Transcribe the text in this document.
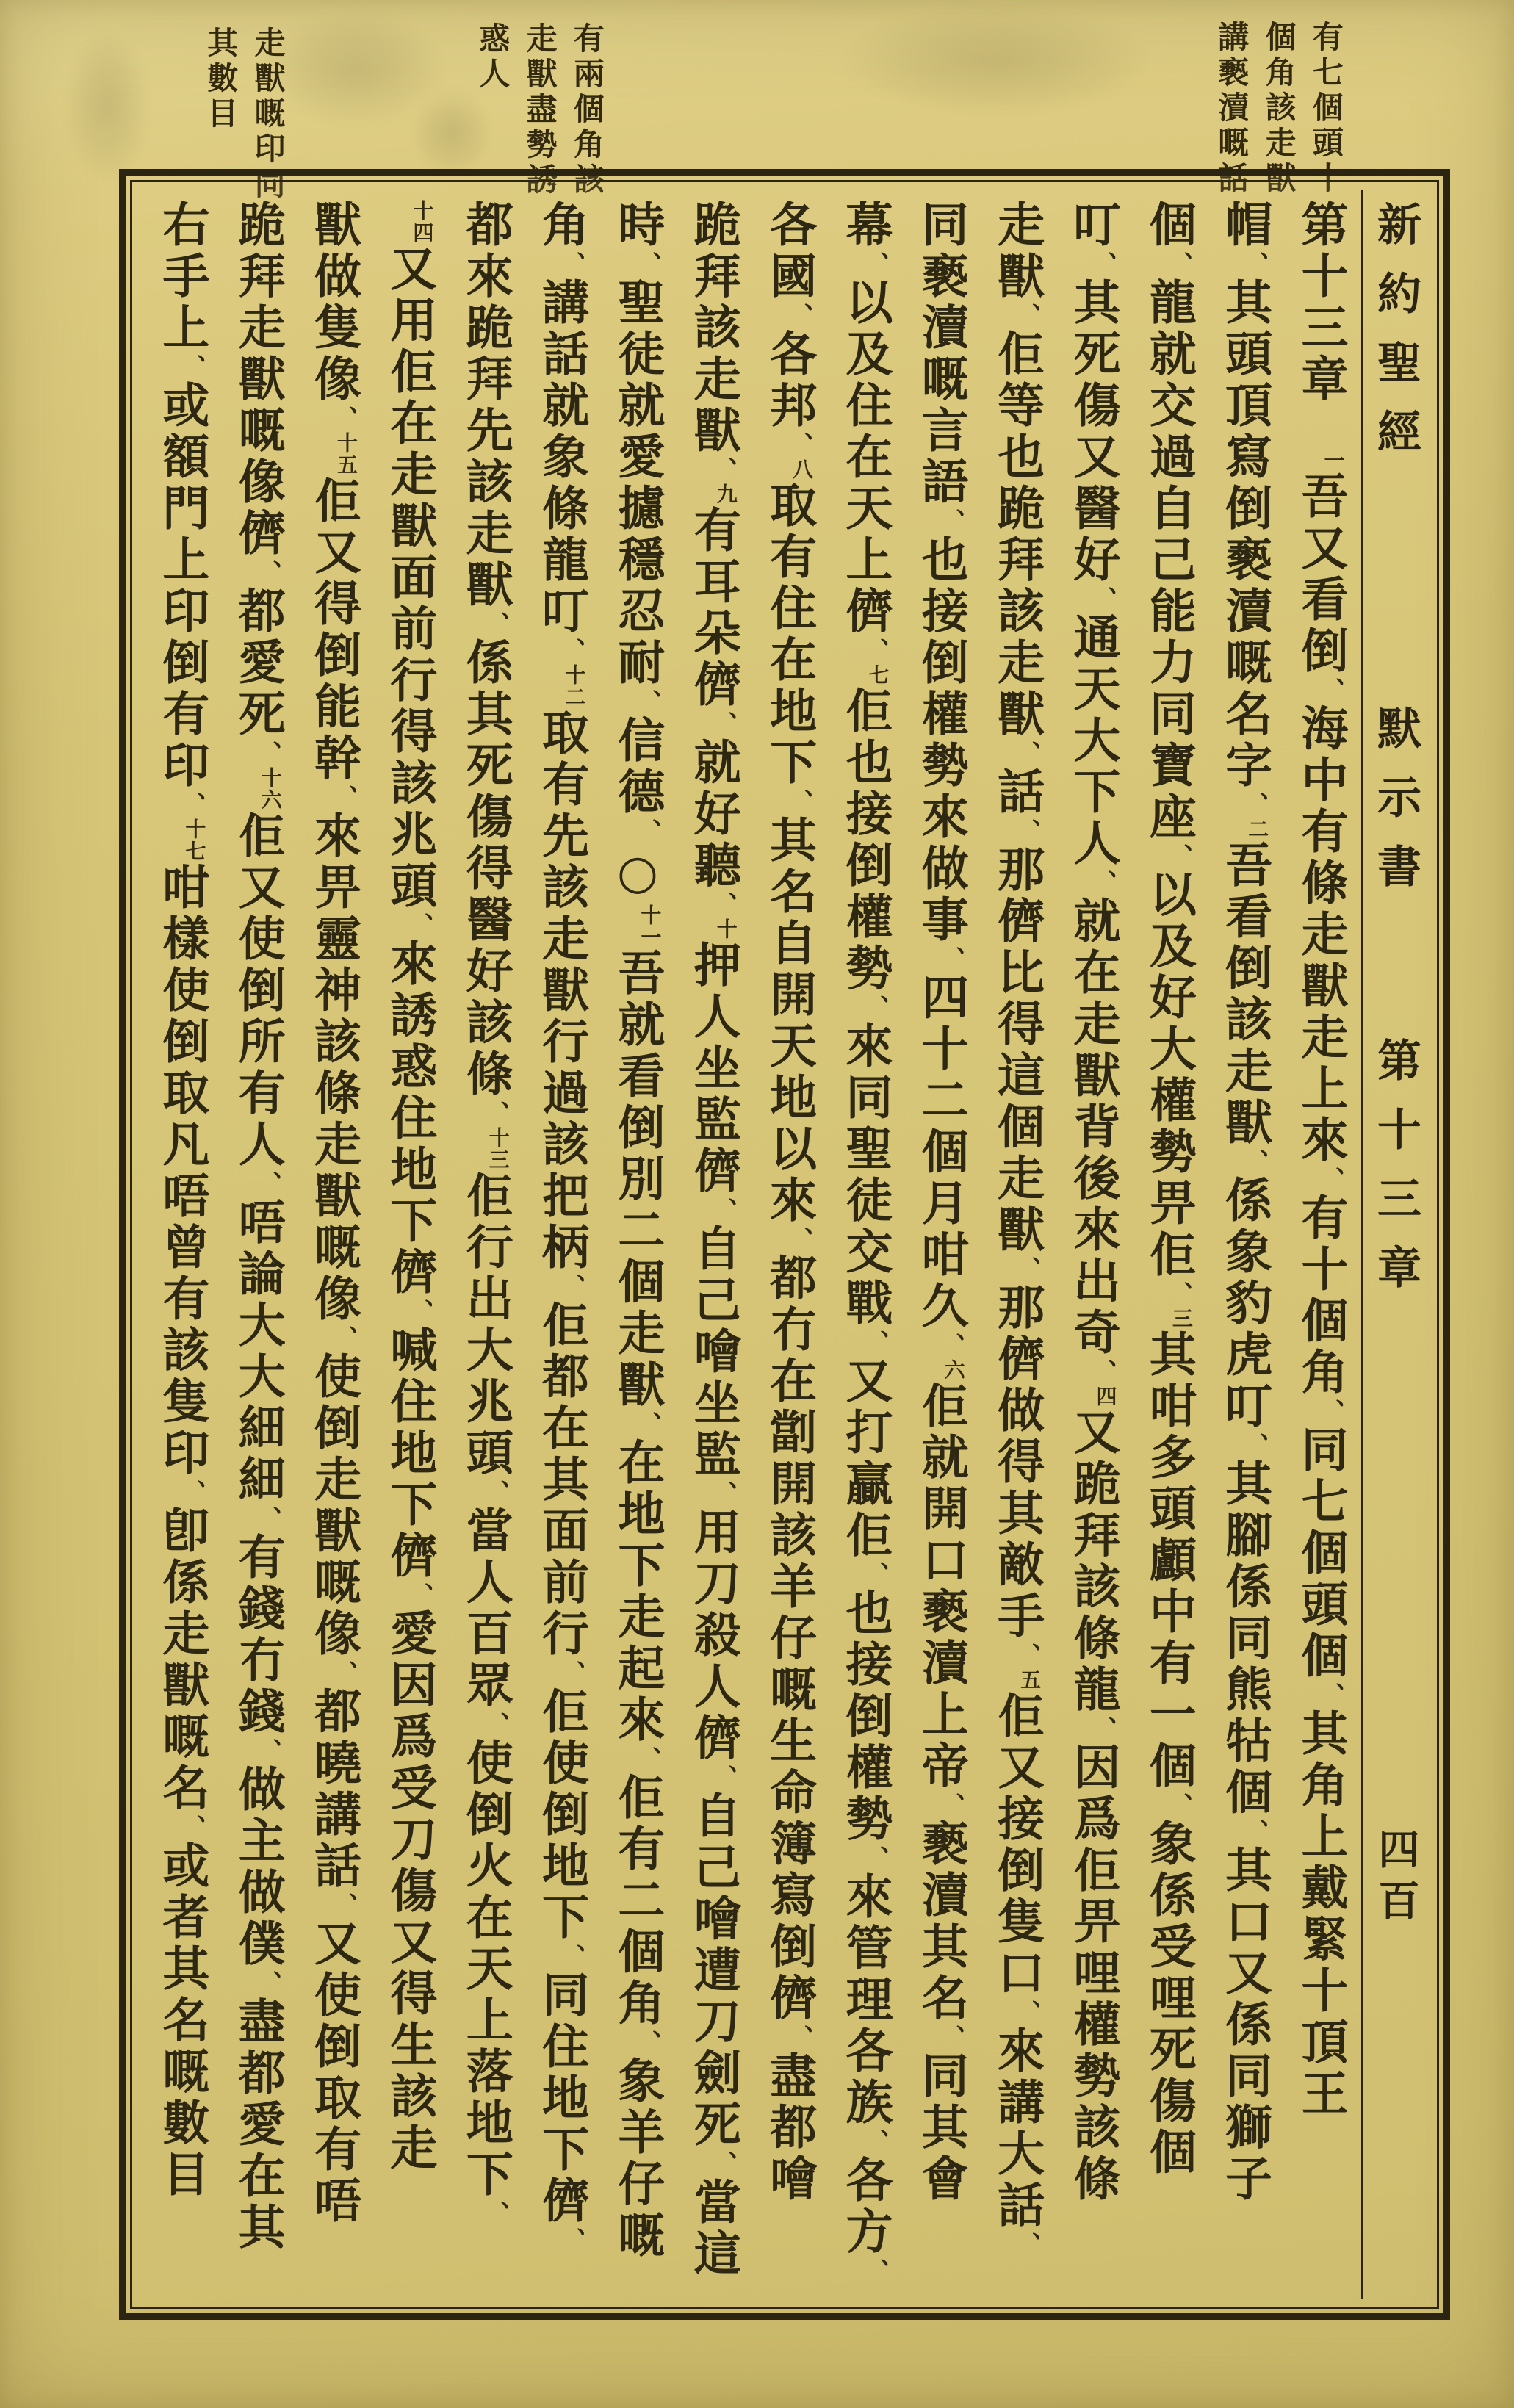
有七個頭十
個角該走獸
講褻瀆嘅話
有兩個角該
走獸盡勢誘
惑人
走獸嘅印同
其數目
新約聖經
默示書
第十三章
四百
第十三章一吾又看倒、海中有條走獸走上來、有十個角、同七個頭個、其角上戴緊十頂王
帽、其頭頂寫倒褻瀆嘅名字、二吾看倒該走獸、係象豹虎叮、其腳係同熊牯個、其口又係同獅子
個、龍就交過自己能力同寶座、以及好大權勢畀佢、三其咁多頭顱中有一個、象係受哩死傷個
叮、其死傷又醫好、通天大下人、就在走獸背後來出奇、四又跪拜該條龍、因爲佢畀哩權勢該條
走獸、佢等也跪拜該走獸、話、那儕比得這個走獸、那儕做得其敵手、五佢又接倒隻口、來講大話、
同褻瀆嘅言語、也接倒權勢來做事、四十二個月咁久、六佢就開口褻瀆上帝、褻瀆其名、同其會
幕、以及住在天上儕、七佢也接倒權勢、來同聖徒交戰、又打贏佢、也接倒權勢、來管理各族、各方、
各國、各邦、八取有住在地下、其名自開天地以來、都冇在劏開該羊仔嘅生命簿寫倒儕、盡都噲
跪拜該走獸、九有耳朵儕、就好聽、十押人坐監儕、自己噲坐監、用刀殺人儕、自己噲遭刀劍死、當這
時、聖徒就愛攄穩忍耐、信德、○十一吾就看倒別二個走獸、在地下走起來、佢有二個角、象羊仔嘅
角、講話就象條龍叮、十二取有先該走獸行過該把柄、佢都在其面前行、佢使倒地下、同住地下儕、
都來跪拜先該走獸、係其死傷得醫好該條、十三佢行出大兆頭、當人百眾、使倒火在天上落地下、
十四又用佢在走獸面前行得該兆頭、來誘惑住地下儕、喊住地下儕、愛因爲受刀傷又得生該走
獸做隻像、十五佢又得倒能幹、來畀靈神該條走獸嘅像、使倒走獸嘅像、都曉講話、又使倒取有唔
跪拜走獸嘅像儕、都愛死、十六佢又使倒所有人、唔論大大細細、有錢冇錢、做主做僕、盡都愛在其
右手上、或額門上印倒有印、十七咁樣使倒取凡唔曾有該隻印、卽係走獸嘅名、或者其名嘅數目
